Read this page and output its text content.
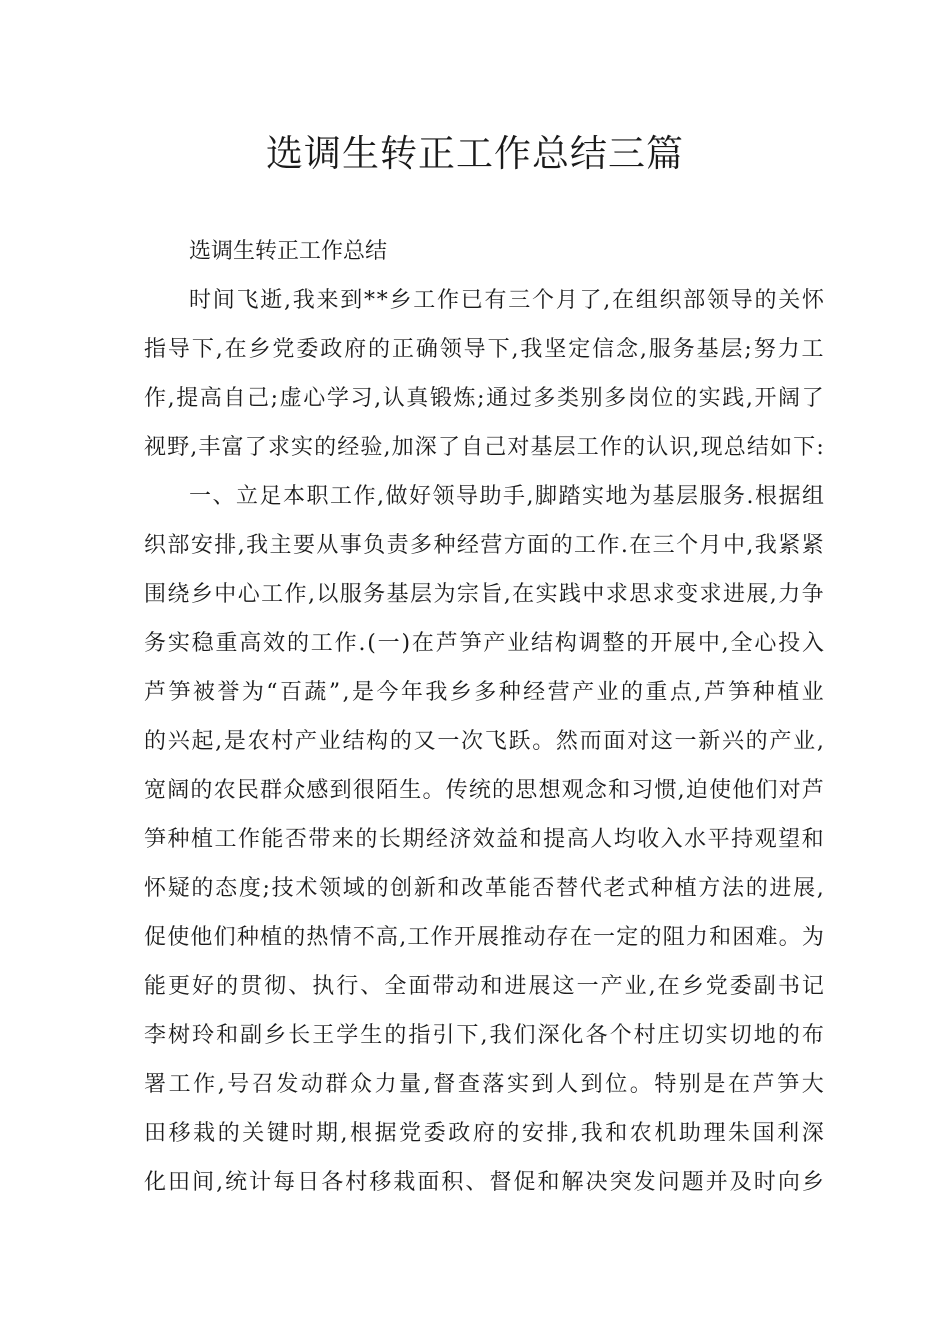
选调生转正工作总结三篇
选调生转正工作总结
时 间 飞 逝 , 我 来 到 * * 乡 工 作 已 有 三 个 月 了 , 在 组 织 部 领 导 的 关 怀
指 导 下 , 在 乡 党 委 政 府 的 正 确 领 导 下 , 我 坚 定 信 念 , 服 务 基 层 ; 努 力 工
作 , 提 高 自 己 ; 虚 心 学 习 , 认 真 锻 炼 ; 通 过 多 类 别 多 岗 位 的 实 践 , 开 阔 了
视 野 , 丰 富 了 求 实 的 经 验 , 加 深 了 自 己 对 基 层 工 作 的 认 识 , 现 总 结 如 下 :
一 、 立 足 本 职 工 作 , 做 好 领 导 助 手 , 脚 踏 实 地 为 基 层 服 务 . 根 据 组
织 部 安 排 , 我 主 要 从 事 负 责 多 种 经 营 方 面 的 工 作 . 在 三 个 月 中 , 我 紧 紧
围 绕 乡 中 心 工 作 , 以 服 务 基 层 为 宗 旨 , 在 实 践 中 求 思 求 变 求 进 展 , 力 争
务 实 稳 重 高 效 的 工 作 . ( 一 ) 在 芦 笋 产 业 结 构 调 整 的 开 展 中 , 全 心 投 入
芦 笋 被 誉 为 “ 百 蔬 ” , 是 今 年 我 乡 多 种 经 营 产 业 的 重 点 , 芦 笋 种 植 业
的 兴 起 , 是 农 村 产 业 结 构 的 又 一 次 飞 跃 。 然 而 面 对 这 一 新 兴 的 产 业 ,
宽 阔 的 农 民 群 众 感 到 很 陌 生 。 传 统 的 思 想 观 念 和 习 惯 , 迫 使 他 们 对 芦
笋 种 植 工 作 能 否 带 来 的 长 期 经 济 效 益 和 提 高 人 均 收 入 水 平 持 观 望 和
怀 疑 的 态 度 ; 技 术 领 域 的 创 新 和 改 革 能 否 替 代 老 式 种 植 方 法 的 进 展 ,
促 使 他 们 种 植 的 热 情 不 高 , 工 作 开 展 推 动 存 在 一 定 的 阻 力 和 困 难 。 为
能 更 好 的 贯 彻 、 执 行 、 全 面 带 动 和 进 展 这 一 产 业 , 在 乡 党 委 副 书 记
李 树 玲 和 副 乡 长 王 学 生 的 指 引 下 , 我 们 深 化 各 个 村 庄 切 实 切 地 的 布
署 工 作 , 号 召 发 动 群 众 力 量 , 督 查 落 实 到 人 到 位 。 特 别 是 在 芦 笋 大
田 移 栽 的 关 键 时 期 , 根 据 党 委 政 府 的 安 排 , 我 和 农 机 助 理 朱 国 利 深
化 田 间 , 统 计 每 日 各 村 移 栽 面 积 、 督 促 和 解 决 突 发 问 题 并 及 时 向 乡
